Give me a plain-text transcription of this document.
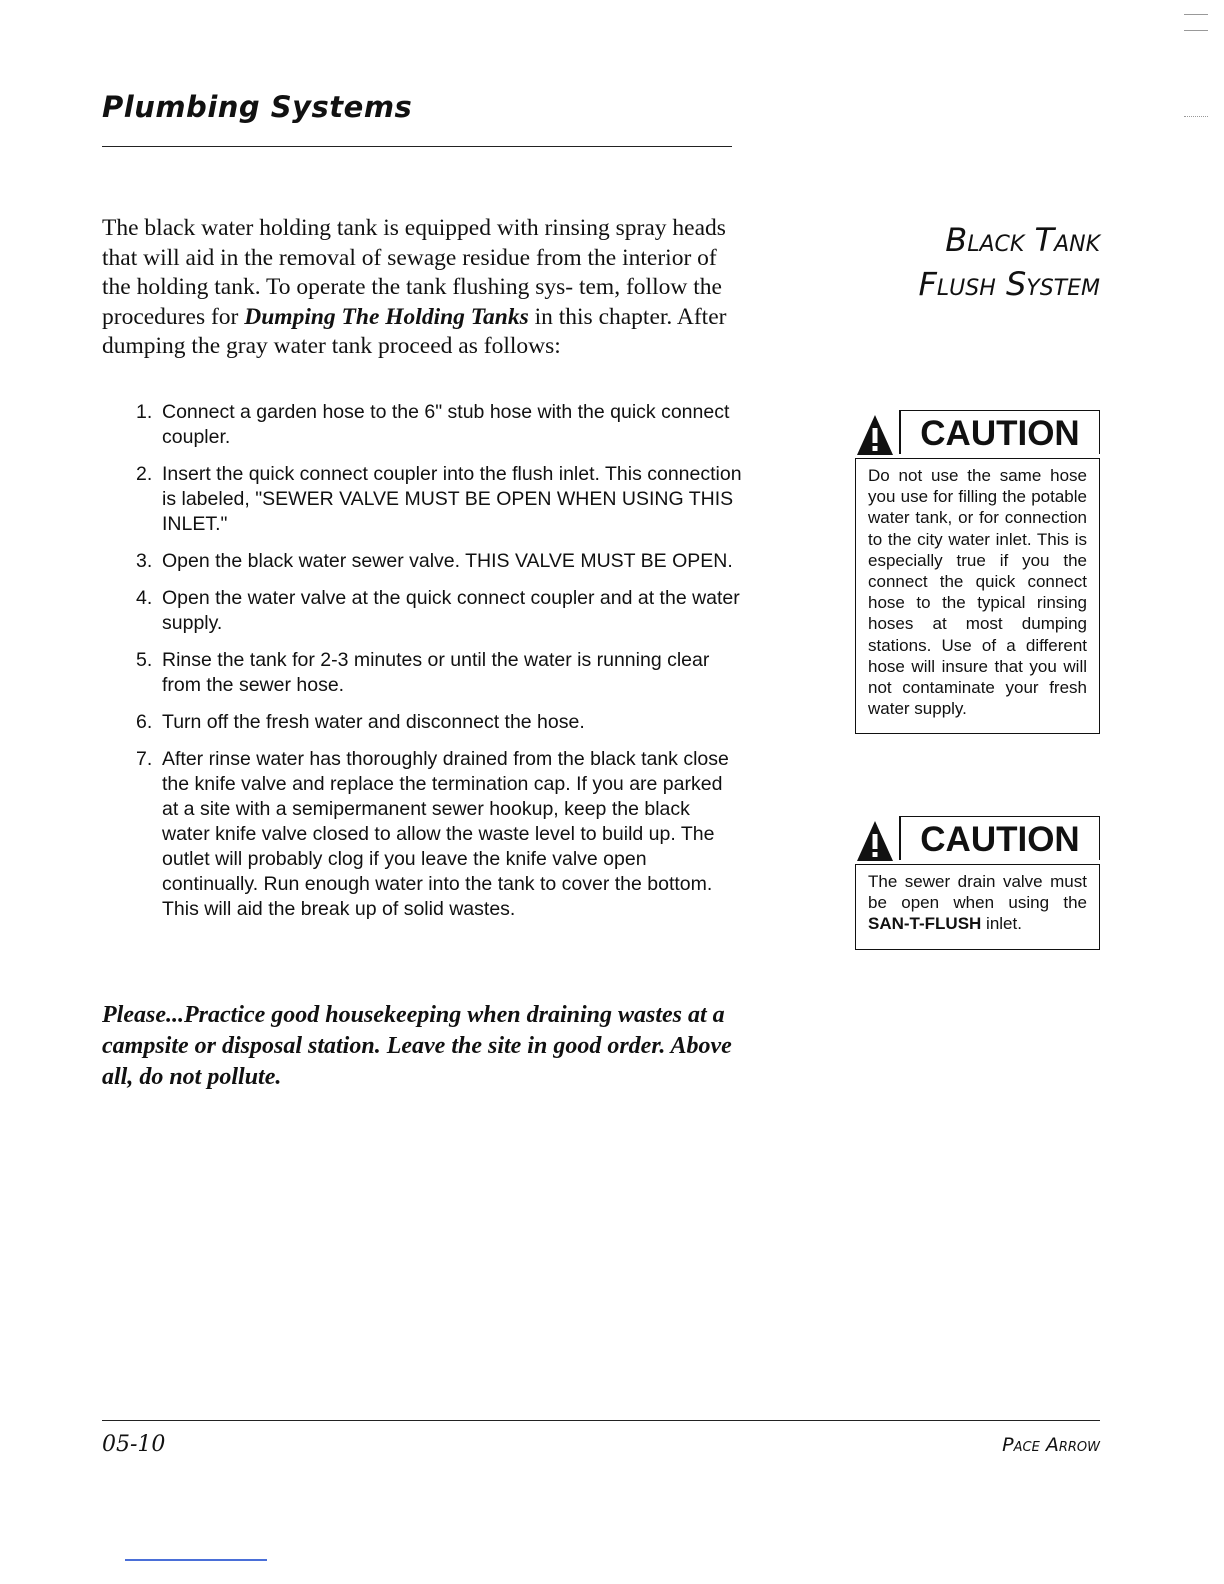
Plumbing Systems

The black water holding tank is equipped with rinsing spray heads that will aid in the removal of sewage residue from the interior of the holding tank. To operate the tank flushing sys- tem, follow the procedures for Dumping The Holding Tanks in this chapter. After dumping the gray water tank proceed as follows:

1. Connect a garden hose to the 6" stub hose with the quick connect coupler.
2. Insert the quick connect coupler into the flush inlet. This connection is labeled, "SEWER VALVE MUST BE OPEN WHEN USING THIS INLET."
3. Open the black water sewer valve. THIS VALVE MUST BE OPEN.
4. Open the water valve at the quick connect coupler and at the water supply.
5. Rinse the tank for 2-3 minutes or until the water is running clear from the sewer hose.
6. Turn off the fresh water and disconnect the hose.
7. After rinse water has thoroughly drained from the black tank close the knife valve and replace the termination cap. If you are parked at a site with a semipermanent sewer hookup, keep the black water knife valve closed to allow the waste level to build up. The outlet will probably clog if you leave the knife valve open continually. Run enough water into the tank to cover the bottom. This will aid the break up of solid wastes.

Please...Practice good housekeeping when draining wastes at a campsite or disposal station. Leave the site in good order. Above all, do not pollute.

Black Tank
Flush System
CAUTION
Do not use the same hose you use for filling the potable water tank, or for connection to the city water inlet. This is especially true if you the connect the quick connect hose to the typical rinsing hoses at most dumping stations. Use of a different hose will insure that you will not contaminate your fresh water supply.
CAUTION
The sewer drain valve must be open when using the SAN-T-FLUSH inlet.

05-10	Pace Arrow
